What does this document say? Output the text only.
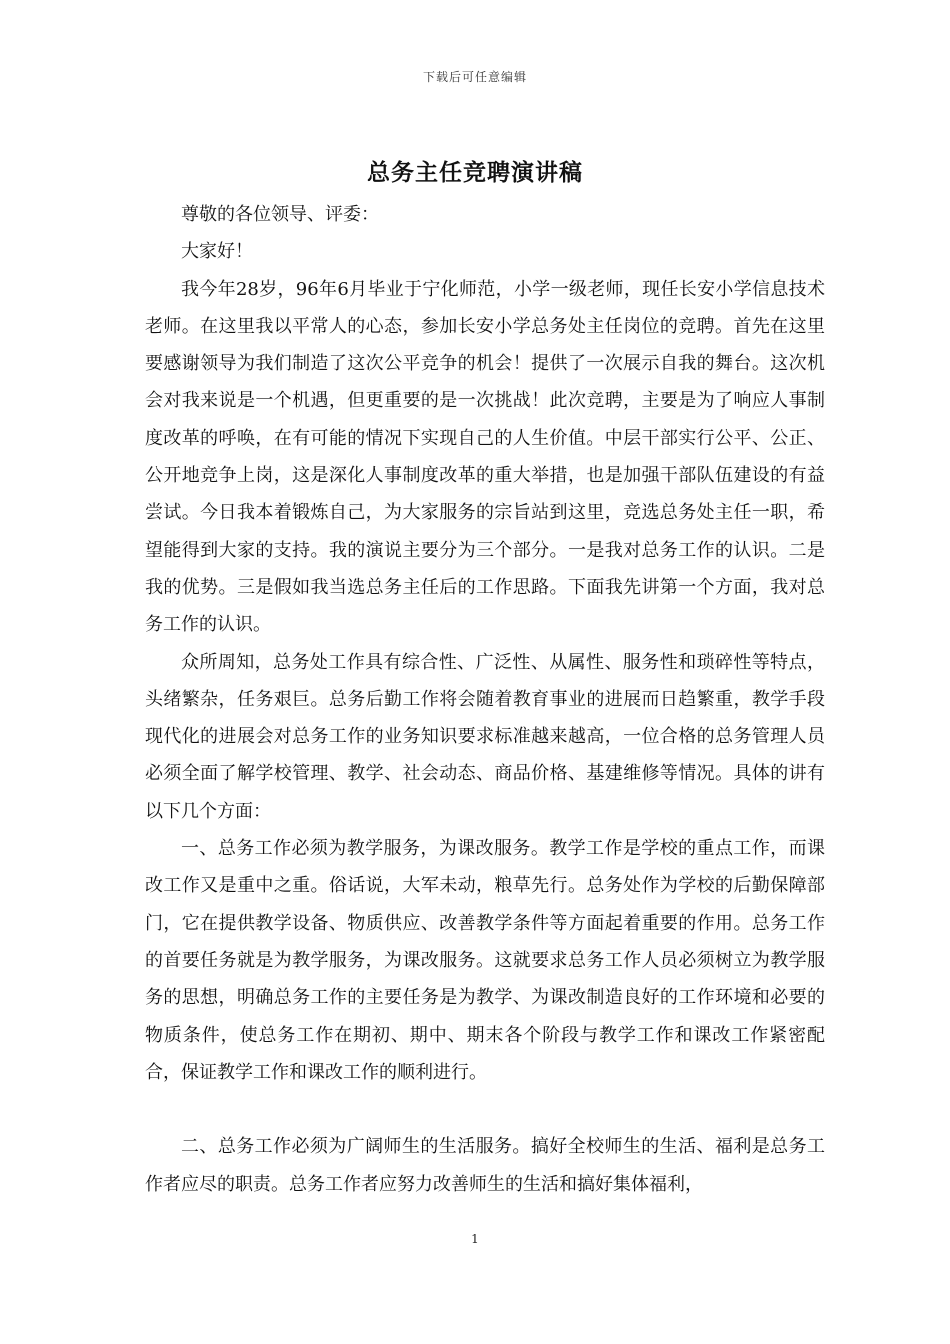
下载后可任意编辑
总务主任竞聘演讲稿

尊敬的各位领导、评委：

大家好！

我今年28岁，96年6月毕业于宁化师范，小学一级老师，现任长安小学信息技术老师。在这里我以平常人的心态，参加长安小学总务处主任岗位的竞聘。首先在这里要感谢领导为我们制造了这次公平竞争的机会！提供了一次展示自我的舞台。这次机会对我来说是一个机遇，但更重要的是一次挑战！此次竞聘，主要是为了响应人事制度改革的呼唤，在有可能的情况下实现自己的人生价值。中层干部实行公平、公正、公开地竞争上岗，这是深化人事制度改革的重大举措，也是加强干部队伍建设的有益尝试。今日我本着锻炼自己，为大家服务的宗旨站到这里，竞选总务处主任一职，希望能得到大家的支持。我的演说主要分为三个部分。一是我对总务工作的认识。二是我的优势。三是假如我当选总务主任后的工作思路。下面我先讲第一个方面，我对总务工作的认识。

众所周知，总务处工作具有综合性、广泛性、从属性、服务性和琐碎性等特点，头绪繁杂，任务艰巨。总务后勤工作将会随着教育事业的进展而日趋繁重，教学手段现代化的进展会对总务工作的业务知识要求标准越来越高，一位合格的总务管理人员必须全面了解学校管理、教学、社会动态、商品价格、基建维修等情况。具体的讲有以下几个方面：

一、总务工作必须为教学服务，为课改服务。教学工作是学校的重点工作，而课改工作又是重中之重。俗话说，大军未动，粮草先行。总务处作为学校的后勤保障部门，它在提供教学设备、物质供应、改善教学条件等方面起着重要的作用。总务工作的首要任务就是为教学服务，为课改服务。这就要求总务工作人员必须树立为教学服务的思想，明确总务工作的主要任务是为教学、为课改制造良好的工作环境和必要的物质条件，使总务工作在期初、期中、期末各个阶段与教学工作和课改工作紧密配合，保证教学工作和课改工作的顺利进行。

二、总务工作必须为广阔师生的生活服务。搞好全校师生的生活、福利是总务工作者应尽的职责。总务工作者应努力改善师生的生活和搞好集体福利，

1
